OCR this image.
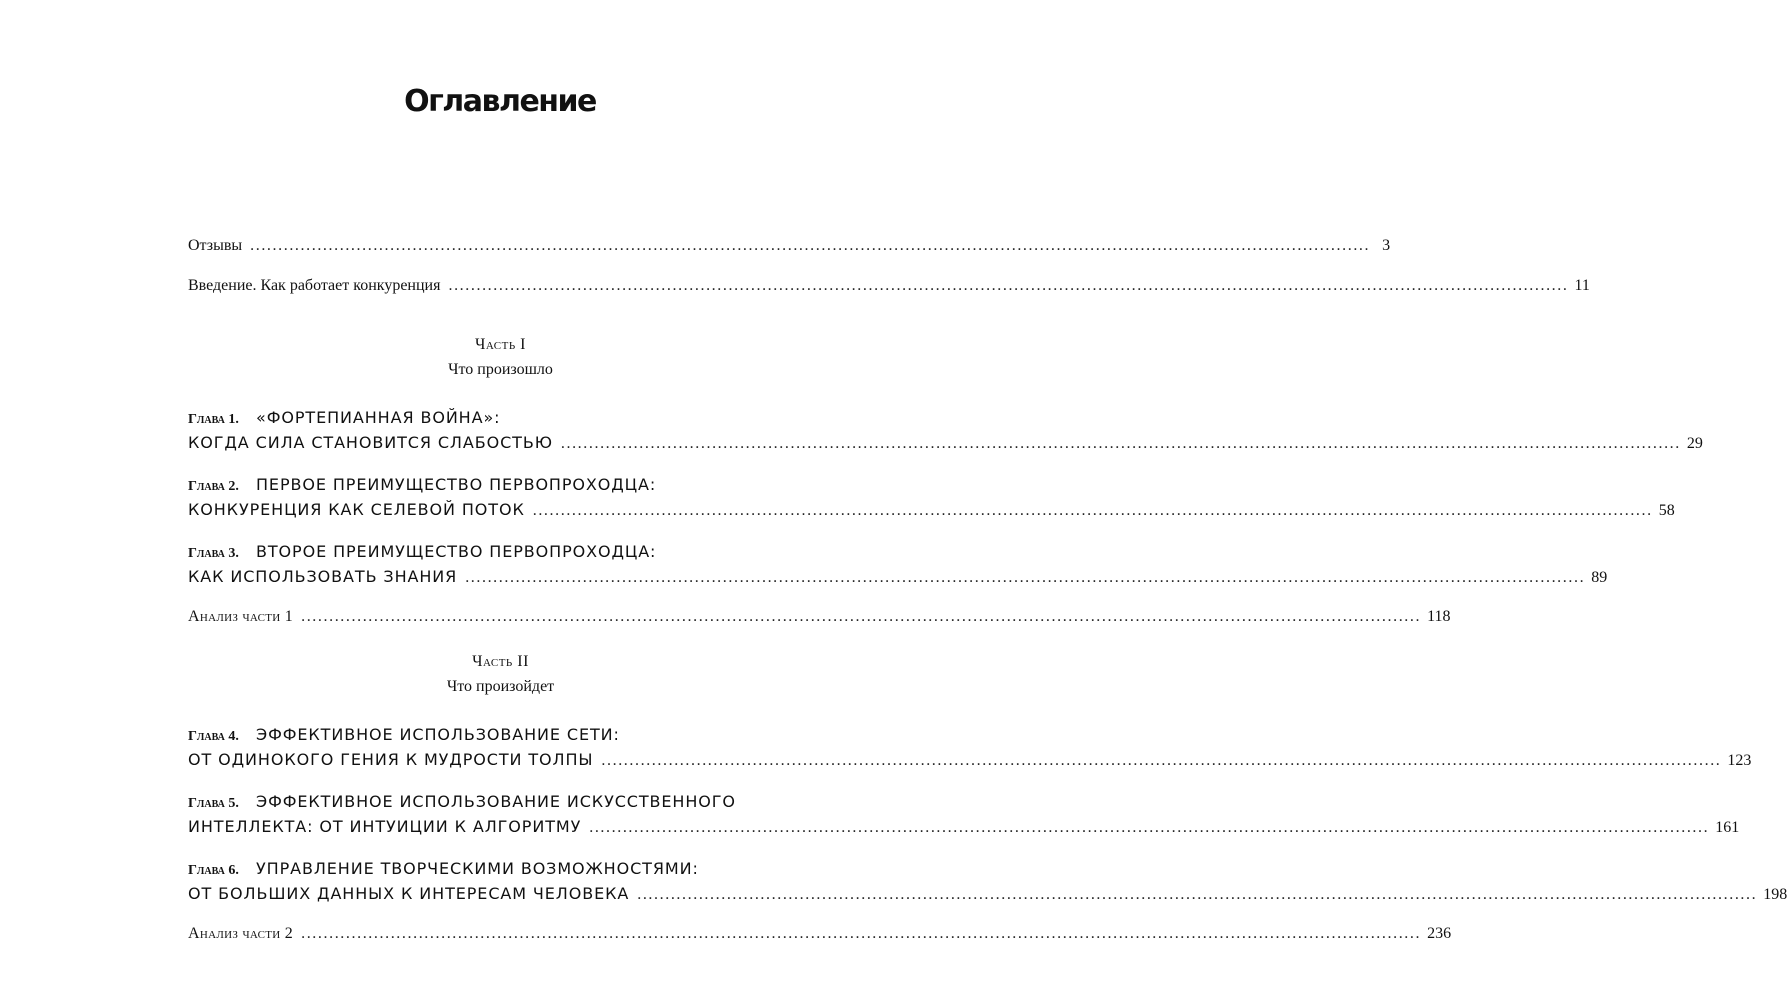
Оглавление
Отзывы ........................................................................................................................................................................................................ 3
Введение. Как работает конкуренция ........................................................................................................................................................................................................ 11
Часть I
Что произошло
Глава 1.	«ФОРТЕПИАННАЯ ВОЙНА»:
КОГДА СИЛА СТАНОВИТСЯ СЛАБОСТЬЮ ........................................................................................................................................................................................................ 29
Глава 2.	ПЕРВОЕ ПРЕИМУЩЕСТВО ПЕРВОПРОХОДЦА:
КОНКУРЕНЦИЯ КАК СЕЛЕВОЙ ПОТОК ........................................................................................................................................................................................................ 58
Глава 3.	ВТОРОЕ ПРЕИМУЩЕСТВО ПЕРВОПРОХОДЦА:
КАК ИСПОЛЬЗОВАТЬ ЗНАНИЯ ........................................................................................................................................................................................................ 89
Анализ части 1 ........................................................................................................................................................................................................ 118
Часть II
Что произойдет
Глава 4.	ЭФФЕКТИВНОЕ ИСПОЛЬЗОВАНИЕ СЕТИ:
ОТ ОДИНОКОГО ГЕНИЯ К МУДРОСТИ ТОЛПЫ ........................................................................................................................................................................................................ 123
Глава 5.	ЭФФЕКТИВНОЕ ИСПОЛЬЗОВАНИЕ ИСКУССТВЕННОГО
ИНТЕЛЛЕКТА: ОТ ИНТУИЦИИ К АЛГОРИТМУ ........................................................................................................................................................................................................ 161
Глава 6.	УПРАВЛЕНИЕ ТВОРЧЕСКИМИ ВОЗМОЖНОСТЯМИ:
ОТ БОЛЬШИХ ДАННЫХ К ИНТЕРЕСАМ ЧЕЛОВЕКА ........................................................................................................................................................................................................ 198
Анализ части 2 ........................................................................................................................................................................................................ 236
